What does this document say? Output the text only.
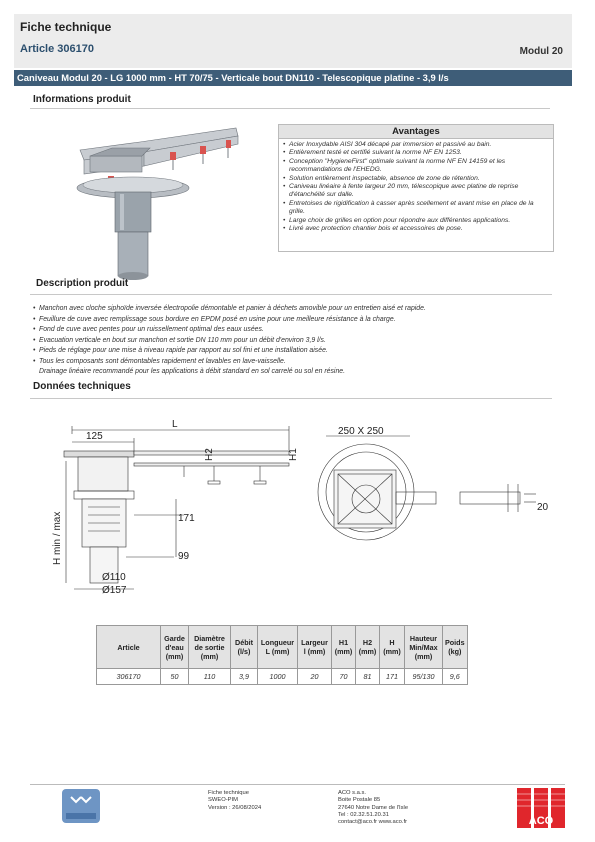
Fiche technique
Article 306170	Modul 20
Caniveau Modul 20 - LG 1000 mm - HT 70/75 - Verticale bout DN110 - Telescopique platine - 3,9 l/s
Informations produit
Avantages
• Acier Inoxydable AISI 304 décapé par immersion et passivé au bain.
• Entièrement testé et certifié suivant la norme NF EN 1253.
• Conception "HygieneFirst" optimale suivant la norme NF EN 14159 et les recommandations de l'EHEDG.
• Solution entièrement inspectable, absence de zone de rétention.
• Caniveau linéaire à fente largeur 20 mm, télescopique avec platine de reprise d'étanchéité sur dalle.
• Entretoises de rigidification à casser après scellement et avant mise en place de la grille.
• Large choix de grilles en option pour répondre aux différentes applications.
• Livré avec protection chantier bois et accessoires de pose.
Description produit
• Manchon avec cloche siphoïde inversée électropolie démontable et panier à déchets amovible pour un entretien aisé et rapide.
• Feuillure de cuve avec remplissage sous bordure en EPDM posé en usine pour une meilleure résistance à la charge.
• Fond de cuve avec pentes pour un ruissellement optimal des eaux usées.
• Evacuation verticale en bout sur manchon et sortie DN 110 mm pour un débit d'environ 3,9 l/s.
• Pieds de réglage pour une mise à niveau rapide par rapport au sol fini et une installation aisée.
• Tous les composants sont démontables rapidement et lavables en lave-vaisselle.
Drainage linéaire recommandé pour les applications à débit standard en sol carrelé ou sol en résine.
Données techniques
L
125
H2	H1
171
99
Ø110
Ø157
H min / max
250 X 250
20
Article	Garde d'eau (mm)	Diamètre de sortie (mm)	Débit (l/s)	Longueur L (mm)	Largeur l (mm)	H1 (mm)	H2 (mm)	H (mm)	Hauteur Min/Max (mm)	Poids (kg)
306170	50	110	3,9	1000	20	70	81	171	95/130	9,6
Fiche technique
SWEO-PIM
Version : 26/08/2024
ACO s.a.s.
Boite Postale 85
27640 Notre Dame de l'Isle
Tel : 02.32.51.20.31
contact@aco.fr www.aco.fr	ACO
